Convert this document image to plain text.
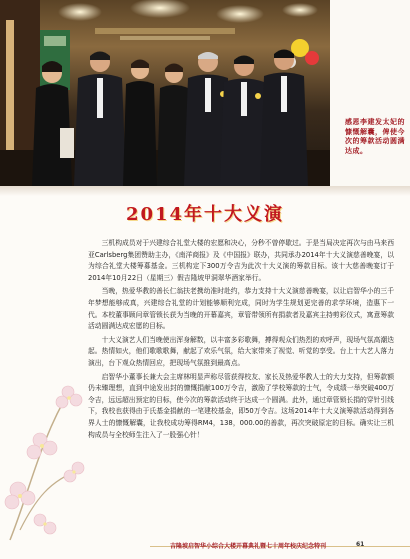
感恩李建发太妃的慷慨解囊，俾使今次的筹款活动圆满达成。
2014年十大义演

三机构成员对于兴建综合礼堂大楼的宏愿和决心，分秒不曾停歇过。于是当局决定再次与由马来西亚Carlsberg集团赞助主办，《南洋商报》及《中国报》联办，共同承办2014年十大义演慈善晚宴，以为综合礼堂大楼筹募基金。三机构定下300万令吉为此次十大义演的筹款目标。该十大慈善晚宴订于2014年10月22日（星期三）假吉隆坡甲洞翠华酒家举行。

当晚，热爱华教的善长仁翁扶老携幼准时赴约，恭力支持十大义演慈善晚宴，以让启智华小的三千年梦想能够成真，兴建综合礼堂的计划能够顺利完成，同时为学生规划更完善的求学环境，造惠下一代。本校董事顾问章管锁长获为当晚的开幕嘉宾，章管带领所有捐款者及嘉宾主持剪彩仪式，寓意筹款活动圆满达成宏愿的目标。

十大义演艺人们当晚使出浑身解数，以丰富多彩歌舞，搏得观众们热烈的欢呼声，现场气氛高潮迭起。热情如火，他们歌歌歌舞，献起了欢乐气氛，给大家带来了视觉、听觉的享受。台上十大艺人落力演出，台下观众热情回应，把现场气氛推到最高点。

启智华小董事长兼大会主席林明显声称尽管获得校友、家长及热爱华教人士的大力支持，但筹款额仍未臻理想，直到中途发出封的慷慨捐献100万令吉，激励了学校筹款的士气，令成绩一举突破400万令吉，远远超出预定的目标，使今次的筹款活动终于达成一个圆满。此外，通过章管锁长捐的穿针引线下，我校也获得由于氏基金捐献的一笔建校基金，即50万令吉。这场2014年十大义演筹款活动得到各界人士的慷慨解囊，让我校成功筹得RM4，138，000.00的善款，再次突破原定的目标。确实让三机构成员与全校师生注入了一股强心针！

吉隆坡启智华小综合大楼开幕典礼暨七十周年校庆纪念特刊	61
